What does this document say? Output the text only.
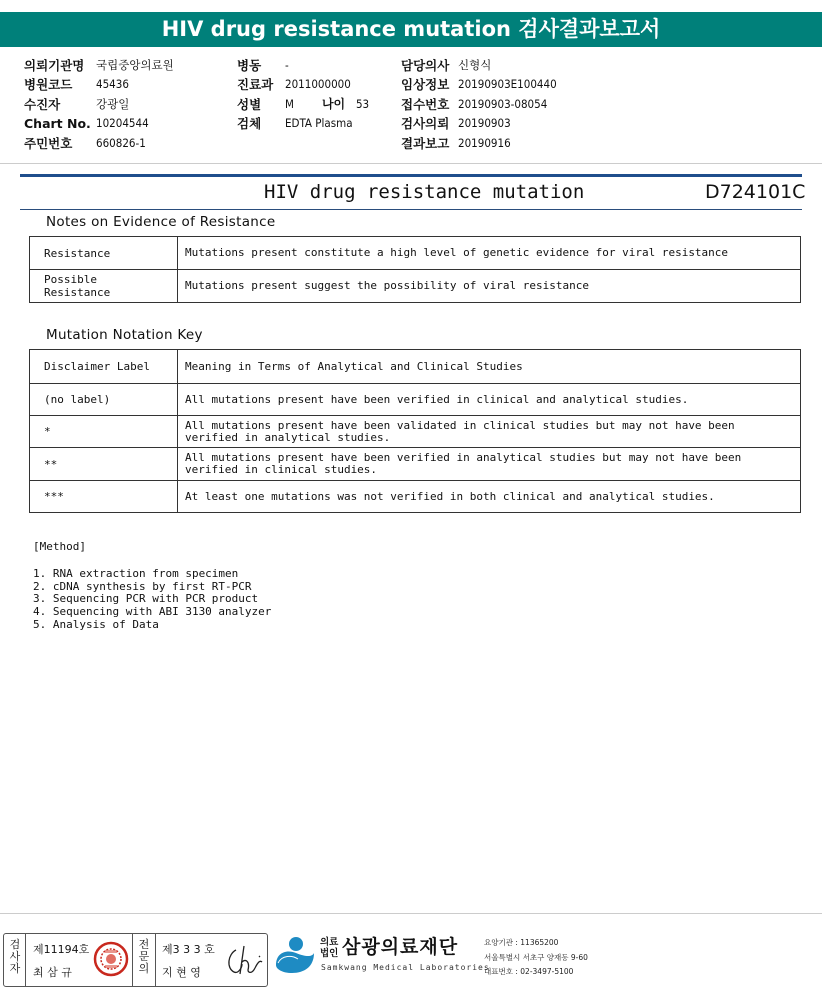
HIV drug resistance mutation 검사결과보고서
의뢰기관명	국립중앙의료원
병원코드	45436
수진자	강광일
Chart No. 10204544
주민번호	660826-1
병동	-
진료과	2011000000
성별	M 나이 53
검체	EDTA Plasma
담당의사 신형식
임상정보 20190903E100440
접수번호 20190903-08054
검사의뢰 20190903
결과보고 20190916
HIV drug resistance mutation	D724101C
Notes on Evidence of Resistance
Resistance	Mutations present constitute a high level of genetic evidence for viral resistance
Possible Resistance	Mutations present suggest the possibility of viral resistance
Mutation Notation Key
Disclaimer Label	Meaning in Terms of Analytical and Clinical Studies
(no label)	All mutations present have been verified in clinical and analytical studies.
*	All mutations present have been validated in clinical studies but may not have been verified in analytical studies.
**	All mutations present have been verified in analytical studies but may not have been verified in clinical studies.
***	At least one mutations was not verified in both clinical and analytical studies.
[Method]
1. RNA extraction from specimen
2. cDNA synthesis by first RT-PCR
3. Sequencing PCR with PCR product
4. Sequencing with ABI 3130 analyzer
5. Analysis of Data
검
사
자
제11194호
최 삼 규
전
문
의
제3 3 3 호
지 현 영
의료
법인 삼광의료재단
Samkwang Medical Laboratories
요양기관 : 11365200
서울특별시 서초구 양재동 9-60
대표번호 : 02-3497-5100
